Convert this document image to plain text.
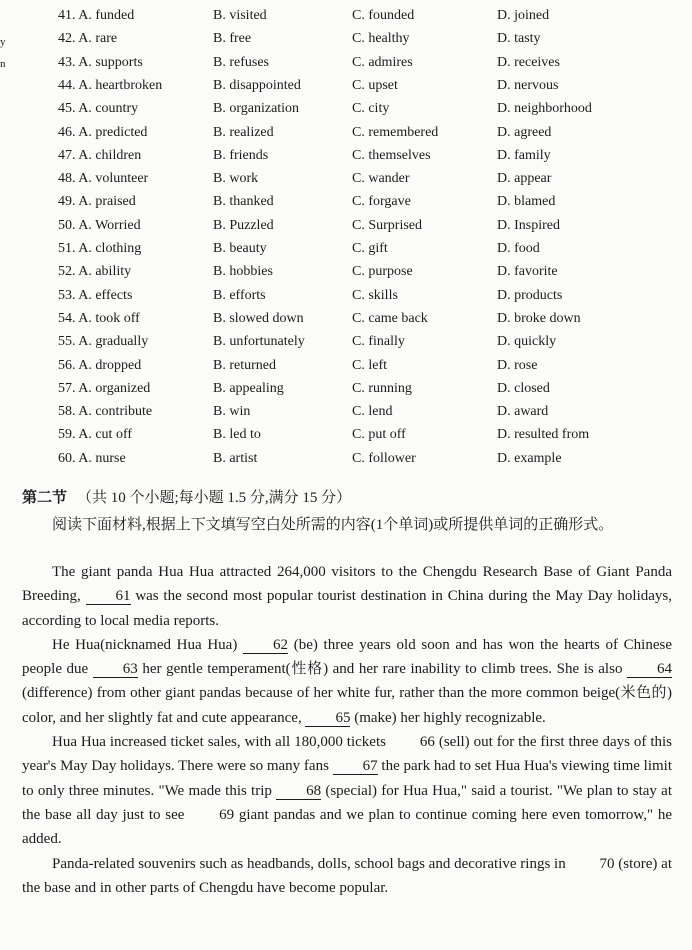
y
n
41. A. funded	B. visited	C. founded	D. joined
42. A. rare	B. free	C. healthy	D. tasty
43. A. supports	B. refuses	C. admires	D. receives
44. A. heartbroken	B. disappointed	C. upset	D. nervous
45. A. country	B. organization	C. city	D. neighborhood
46. A. predicted	B. realized	C. remembered	D. agreed
47. A. children	B. friends	C. themselves	D. family
48. A. volunteer	B. work	C. wander	D. appear
49. A. praised	B. thanked	C. forgave	D. blamed
50. A. Worried	B. Puzzled	C. Surprised	D. Inspired
51. A. clothing	B. beauty	C. gift	D. food
52. A. ability	B. hobbies	C. purpose	D. favorite
53. A. effects	B. efforts	C. skills	D. products
54. A. took off	B. slowed down	C. came back	D. broke down
55. A. gradually	B. unfortunately	C. finally	D. quickly
56. A. dropped	B. returned	C. left	D. rose
57. A. organized	B. appealing	C. running	D. closed
58. A. contribute	B. win	C. lend	D. award
59. A. cut off	B. led to	C. put off	D. resulted from
60. A. nurse	B. artist	C. follower	D. example
第二节 （共 10 个小题;每小题 1.5 分,满分 15 分）
阅读下面材料,根据上下文填写空白处所需的内容(1个单词)或所提供单词的正确形式。

The giant panda Hua Hua attracted 264,000 visitors to the Chengdu Research Base of Giant Panda Breeding, 61 was the second most popular tourist destination in China during the May Day holidays, according to local media reports.

He Hua(nicknamed Hua Hua) 62 (be) three years old soon and has won the hearts of Chinese people due 63 her gentle temperament(性格) and her rare inability to climb trees. She is also 64 (difference) from other giant pandas because of her white fur, rather than the more common beige(米色的) color, and her slightly fat and cute appearance, 65 (make) her highly recognizable.

Hua Hua increased ticket sales, with all 180,000 tickets 66 (sell) out for the first three days of this year's May Day holidays. There were so many fans 67 the park had to set Hua Hua's viewing time limit to only three minutes. "We made this trip 68 (special) for Hua Hua," said a tourist. "We plan to stay at the base all day just to see 69 giant pandas and we plan to continue coming here even tomorrow," he added.

Panda-related souvenirs such as headbands, dolls, school bags and decorative rings in 70 (store) at the base and in other parts of Chengdu have become popular.
